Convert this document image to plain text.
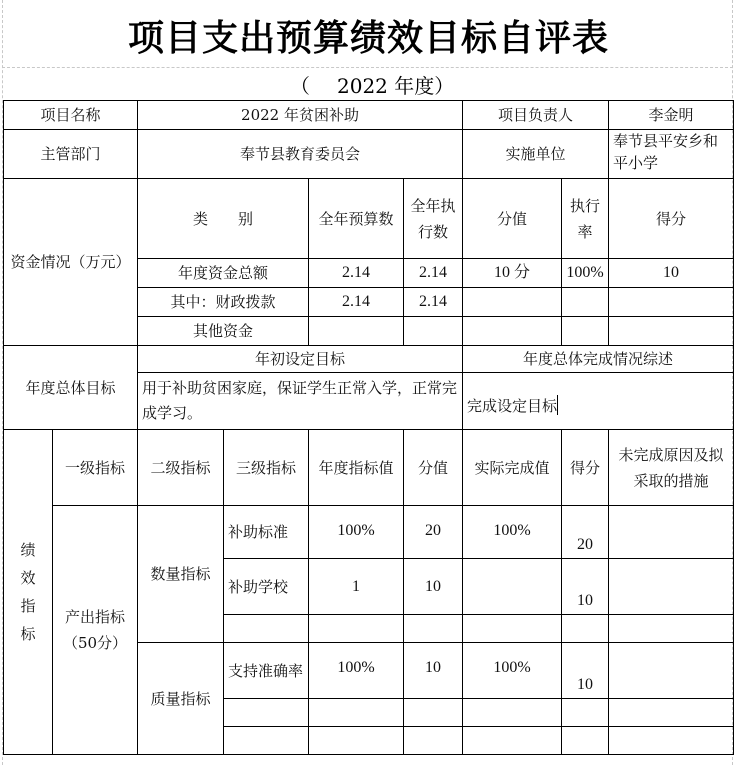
项目支出预算绩效目标自评表
（ 2022 年度）
项目名称		2022 年贫困补助				项目负责人		李金明
主管部门		奉节县教育委员会				实施单位		奉节县平安乡和平小学
资金情况（万元）		类　　别		全年预算数	全年执行数	分值	执行率	得分
		年度资金总额		2.14	2.14	10 分	100%	10
		其中：财政拨款		2.14	2.14			
		其他资金						
年度总体目标		年初设定目标				年度总体完成情况综述		
		用于补助贫困家庭，保证学生正常入学，正常完成学习。				完成设定目标		
绩效指标	一级指标	二级指标	三级指标	年度指标值	分值	实际完成值	得分	未完成原因及拟采取的措施
	产出指标（50分）	数量指标	补助标准	100%	20	100%	20	
			补助学校	1	10		10	

		质量指标	支持准确率	100%	10	100%	10	
